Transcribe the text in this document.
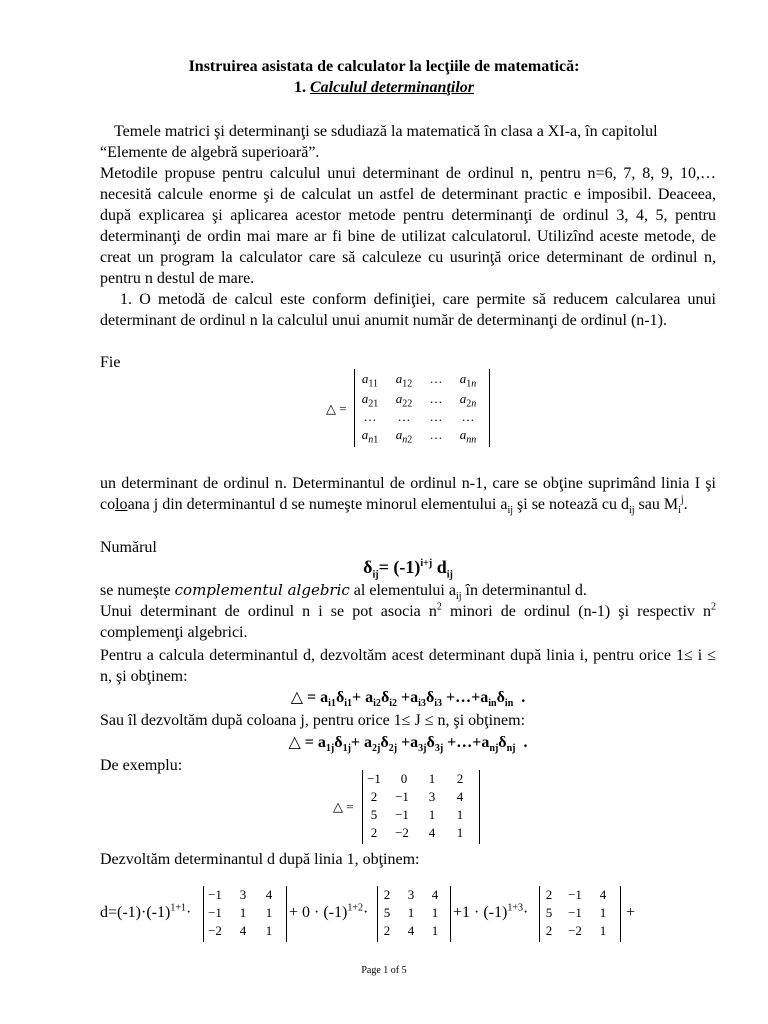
Instruirea asistata de calculator la lecţiile de matematică:
1. Calculul determinanţilor
Temele matrici şi determinanţi se sdudiază la matematică în clasa a XI-a, în capitolul
“Elemente de algebră superioară”.
Metodile propuse pentru calculul unui determinant de ordinul n, pentru n=6, 7, 8, 9, 10,… necesită calcule enorme şi de calculat un astfel de determinant practic e imposibil. Deaceea, după explicarea şi aplicarea acestor metode pentru determinanţi de ordinul 3, 4, 5, pentru determinanţi de ordin mai mare ar fi bine de utilizat calculatorul. Utilizînd aceste metode, de creat un program la calculator care să calculeze cu usurinţă orice determinant de ordinul n, pentru n destul de mare.
1. O metodă de calcul este conform definiţiei, care permite să reducem calcularea unui determinant de ordinul n la calculul unui anumit număr de determinanţi de ordinul (n-1).
Fie
△ =
$a_{11}$	$a_{12}$	…	$a_{1n}$
$a_{21}$	$a_{22}$	…	$a_{2n}$
…	…	…	…
$a_{n1}$	$a_{n2}$	…	$a_{nn}$
un determinant de ordinul n. Determinantul de ordinul n-1, care se obţine suprimând linia I şi coloana j din determinantul d se numeşte minorul elementului $a_{ij}$ şi se notează cu $d_{ij}$ sau $M_i^j$.
Numărul
$\delta_{ij}= (-1)^{i+j}$ $d_{ij}$
se numeşte complementul algebric al elementului $a_{ij}$ în determinantul d.
Unui determinant de ordinul n i se pot asocia $n^2$ minori de ordinul (n-1) şi respectiv $n^2$ complemenţi algebrici.
Pentru a calcula determinantul d, dezvoltăm acest determinant după linia i, pentru orice 1≤ i ≤ n, şi obţinem:
△ = $a_{i1}\delta_{i1}+ a_{i2}\delta_{i2} +a_{i3}\delta_{i3}$ $+\dots+a_{in}\delta_{in}$  .
Sau îl dezvoltăm după coloana j, pentru orice 1≤ J ≤ n, şi obţinem:
△ = $a_{1j}\delta_{1j}+ a_{2j}\delta_{2j} +a_{3j}\delta_{3j}$ $+\dots+a_{nj}\delta_{nj}$  .
De exemplu:
△ =
−1	0	1	2
2	−1	3	4
5	−1	1	1
2	−2	4	1
Dezvoltăm determinantul d după linia 1, obţinem:
$d=(-1)\cdot(-1)^{1+1}\cdot$
−1	3	4
−1	1	1
−2	4	1
+ $0 \cdot (-1)^{1+2}\cdot$
2	3	4
5	1	1
2	4	1
$+1 \cdot (-1)^{1+3}\cdot$
2	−1	4
5	−1	1
2	−2	1
+
Page 1 of 5
